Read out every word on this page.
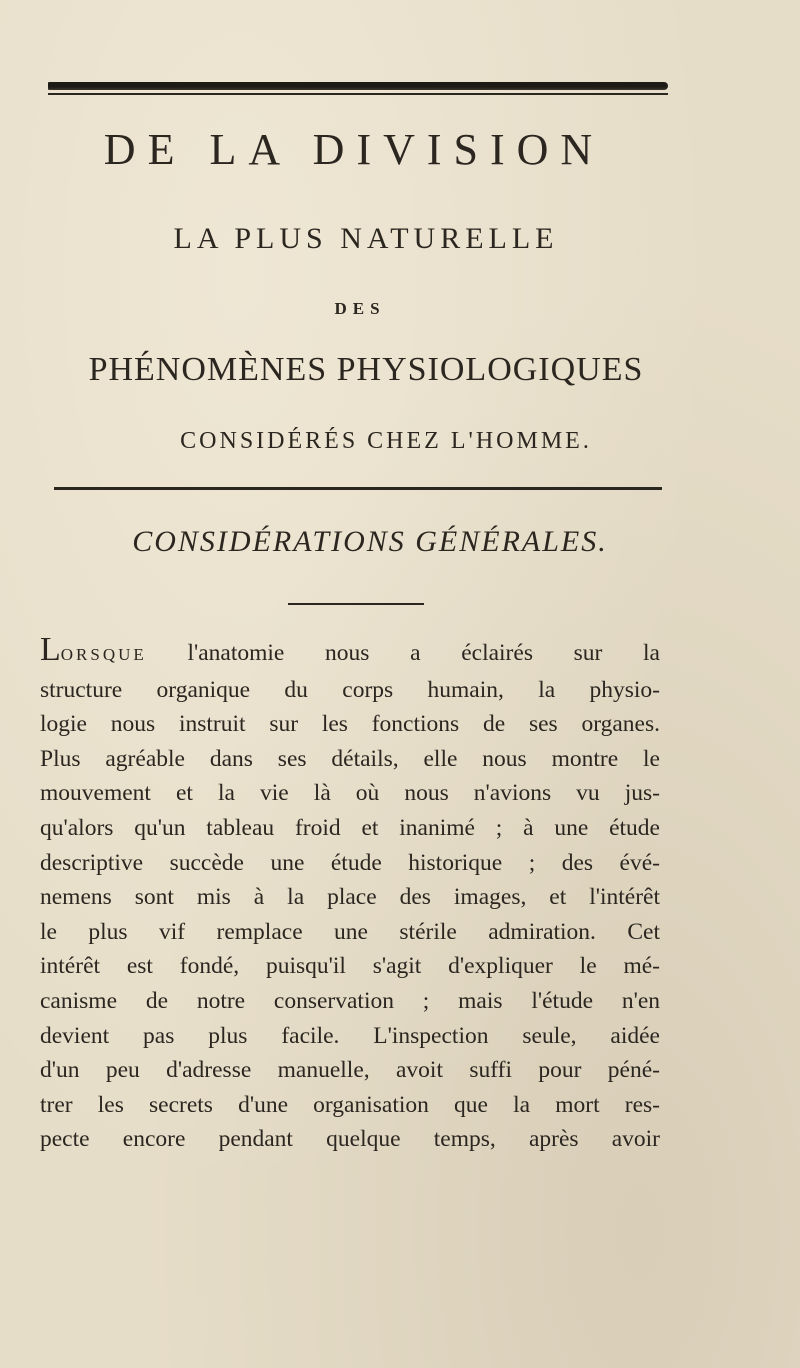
DE LA DIVISION
LA PLUS NATURELLE
DES
PHÉNOMÈNES PHYSIOLOGIQUES
CONSIDÉRÉS CHEZ L'HOMME.
CONSIDÉRATIONS GÉNÉRALES.
LORSQUE l'anatomie nous a éclairés sur la
structure organique du corps humain, la physio-
logie nous instruit sur les fonctions de ses organes.
Plus agréable dans ses détails, elle nous montre le
mouvement et la vie là où nous n'avions vu jus-
qu'alors qu'un tableau froid et inanimé ; à une étude
descriptive succède une étude historique ; des évé-
nemens sont mis à la place des images, et l'intérêt
le plus vif remplace une stérile admiration. Cet
intérêt est fondé, puisqu'il s'agit d'expliquer le mé-
canisme de notre conservation ; mais l'étude n'en
devient pas plus facile. L'inspection seule, aidée
d'un peu d'adresse manuelle, avoit suffi pour péné-
trer les secrets d'une organisation que la mort res-
pecte encore pendant quelque temps, après avoir
